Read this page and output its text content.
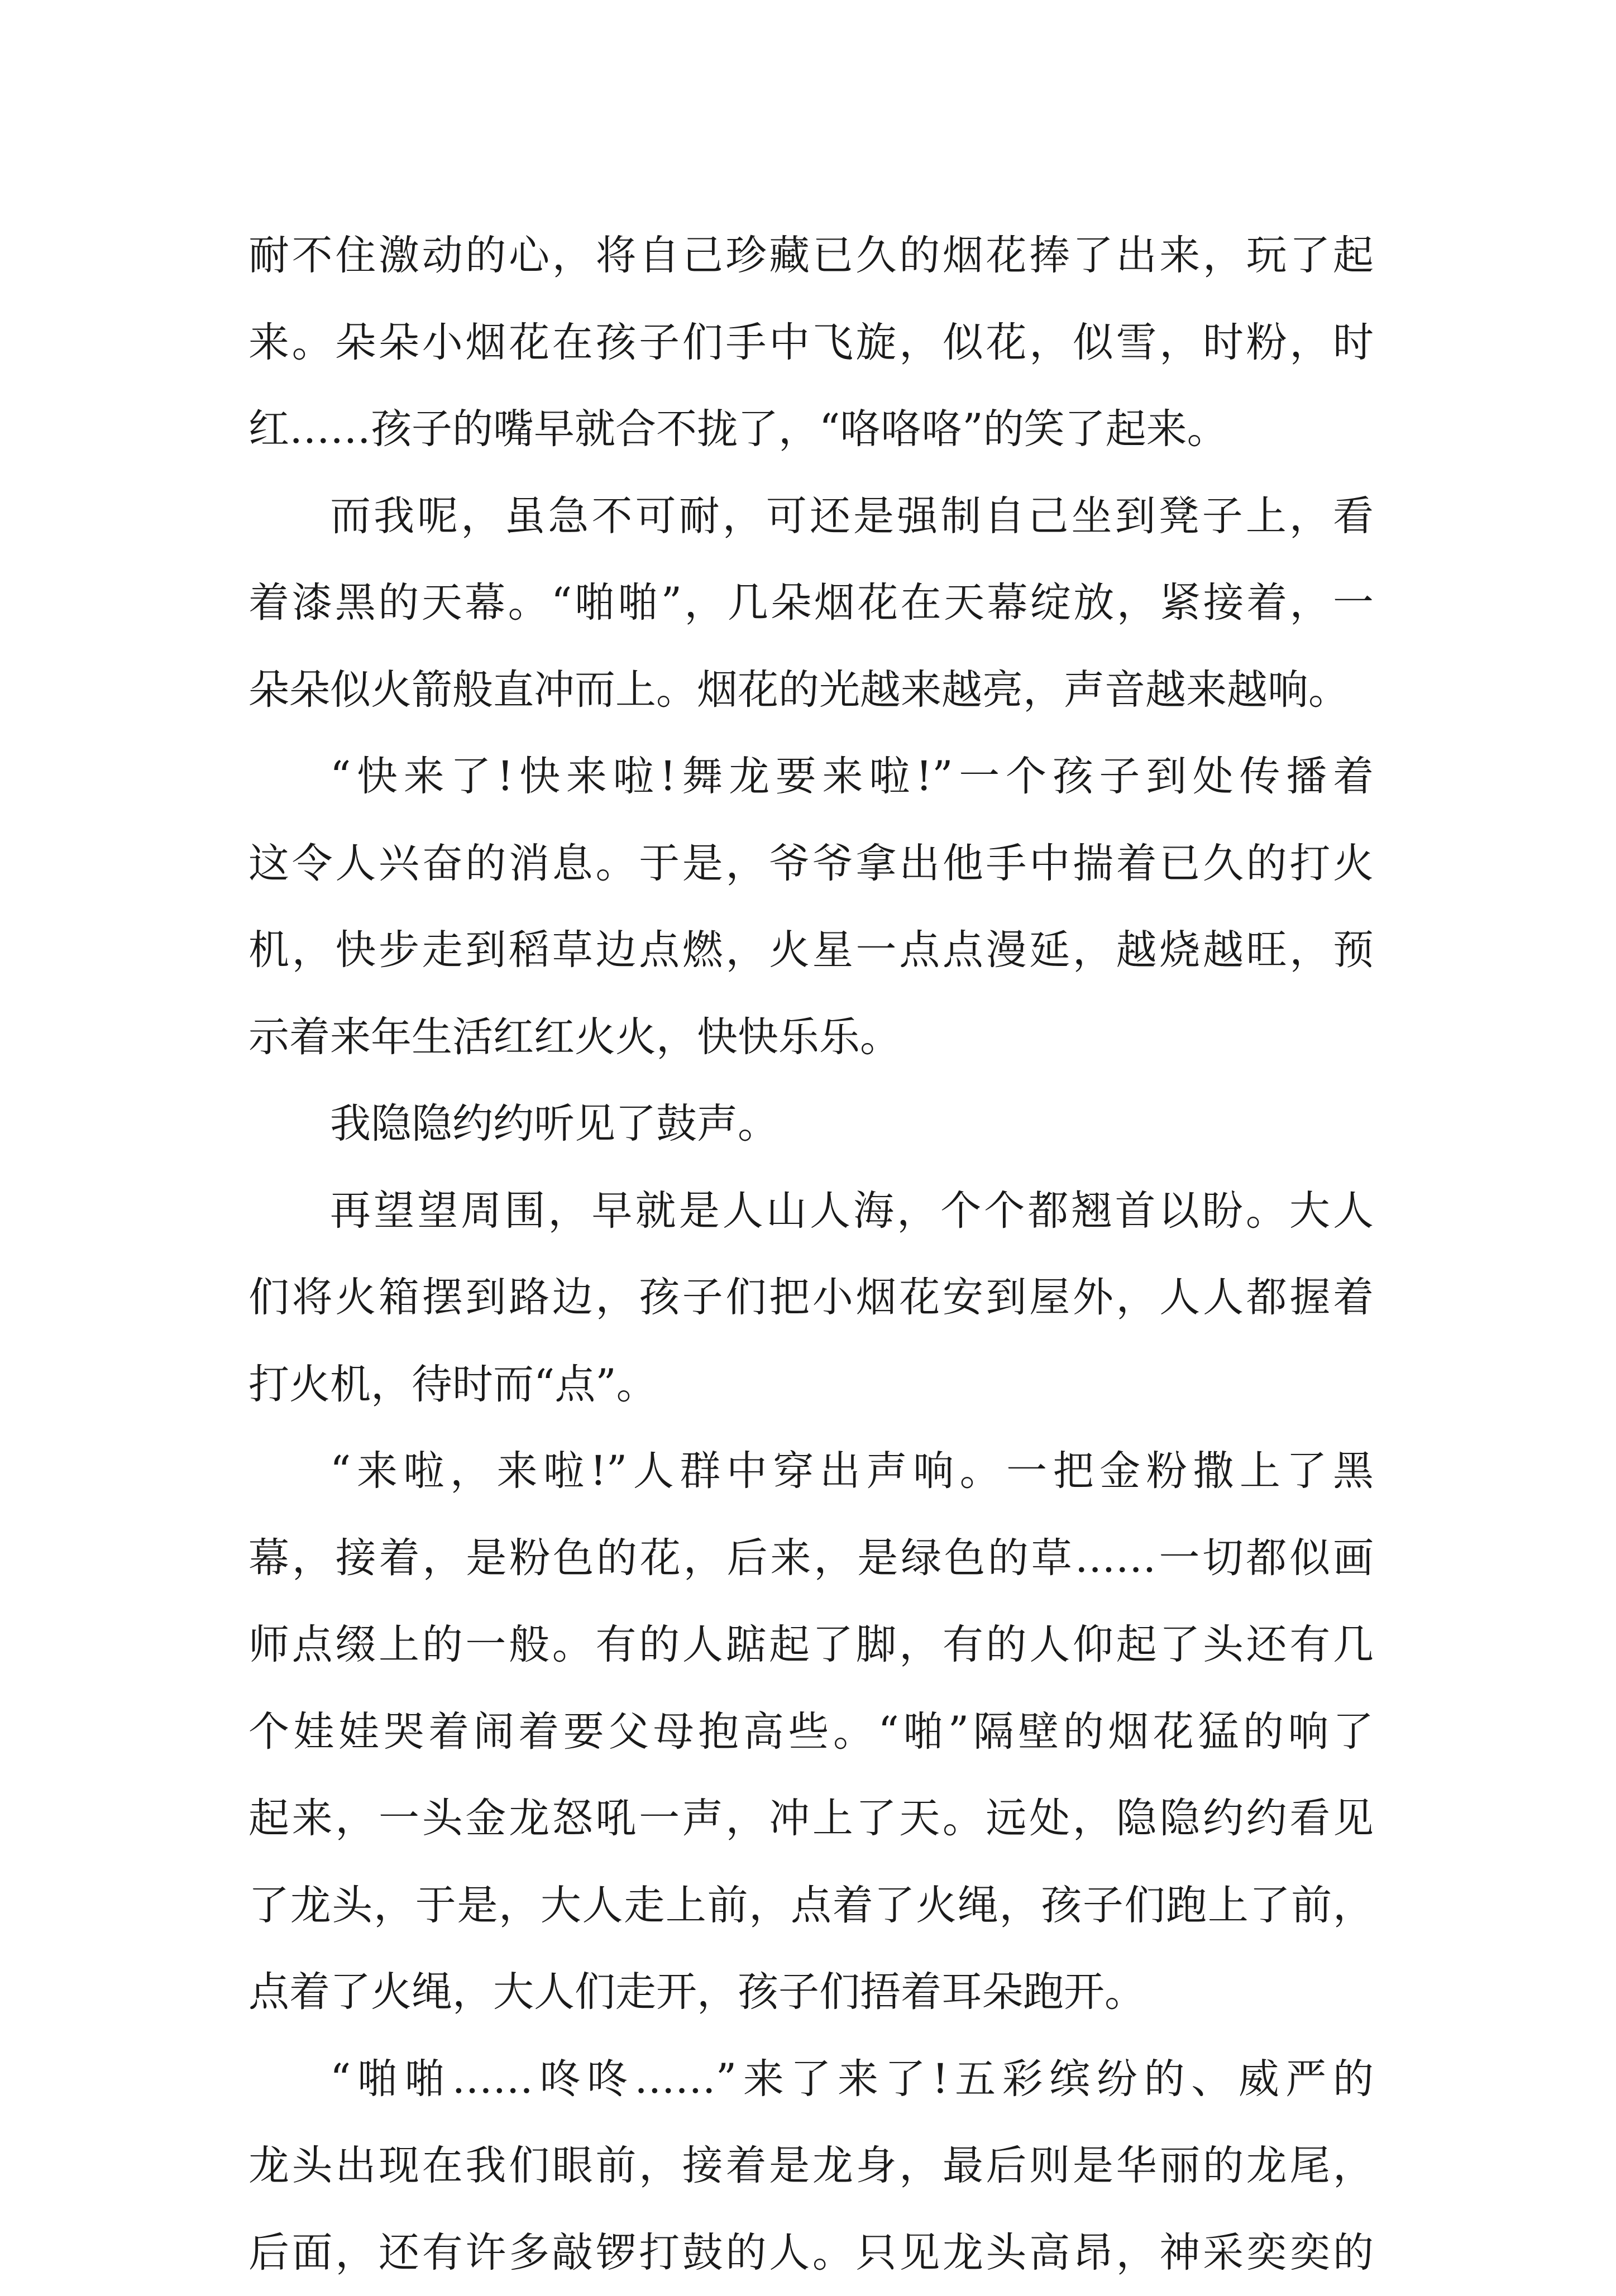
耐不住激动的心，将自己珍藏已久的烟花捧了出来，玩了起
来。朵朵小烟花在孩子们手中飞旋，似花，似雪，时粉，时
红……孩子的嘴早就合不拢了，“咯咯咯”的笑了起来。
而我呢，虽急不可耐，可还是强制自己坐到凳子上，看
着漆黑的天幕。“啪啪”，几朵烟花在天幕绽放，紧接着，一
朵朵似火箭般直冲而上。烟花的光越来越亮，声音越来越响。
“快来了!快来啦!舞龙要来啦!”一个孩子到处传播着
这令人兴奋的消息。于是，爷爷拿出他手中揣着已久的打火
机，快步走到稻草边点燃，火星一点点漫延，越烧越旺，预
示着来年生活红红火火，快快乐乐。
我隐隐约约听见了鼓声。
再望望周围，早就是人山人海，个个都翘首以盼。大人
们将火箱摆到路边，孩子们把小烟花安到屋外，人人都握着
打火机，待时而“点”。
“来啦，来啦!”人群中穿出声响。一把金粉撒上了黑
幕，接着，是粉色的花，后来，是绿色的草……一切都似画
师点缀上的一般。有的人踮起了脚，有的人仰起了头还有几
个娃娃哭着闹着要父母抱高些。“啪”隔壁的烟花猛的响了
起来，一头金龙怒吼一声，冲上了天。远处，隐隐约约看见
了龙头，于是，大人走上前，点着了火绳，孩子们跑上了前，
点着了火绳，大人们走开，孩子们捂着耳朵跑开。
“啪啪……咚咚……”来了来了!五彩缤纷的、威严的
龙头出现在我们眼前，接着是龙身，最后则是华丽的龙尾，
后面，还有许多敲锣打鼓的人。只见龙头高昂，神采奕奕的
